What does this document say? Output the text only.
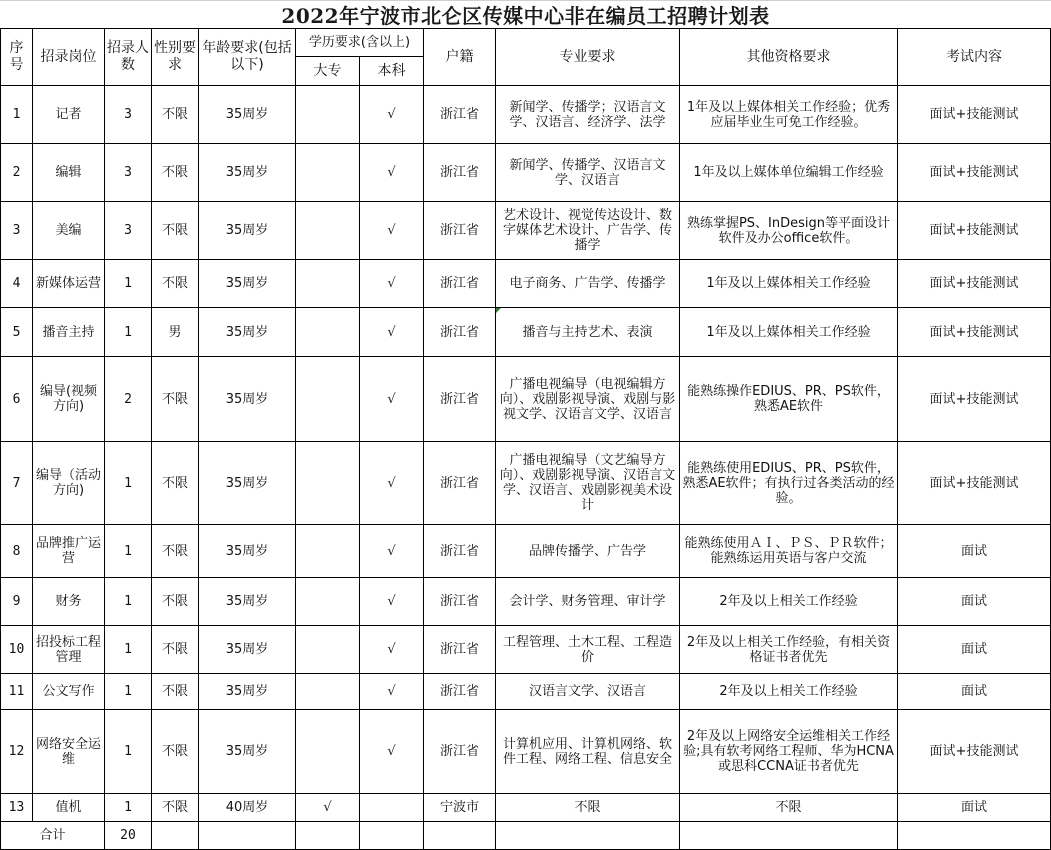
2022年宁波市北仑区传媒中心非在编员工招聘计划表
序号	招录岗位	招录人数	性别要求	年龄要求(包括以下)	学历要求(含以上)		户籍	专业要求	其他资格要求	考试内容
					大专	本科				
1	记者	3	不限	35周岁		√	浙江省	新闻学、传播学；汉语言文学、汉语言、经济学、法学	1年及以上媒体相关工作经验；优秀应届毕业生可免工作经验。	面试+技能测试
2	编辑	3	不限	35周岁		√	浙江省	新闻学、传播学、汉语言文学、汉语言	1年及以上媒体单位编辑工作经验	面试+技能测试
3	美编	3	不限	35周岁		√	浙江省	艺术设计、视觉传达设计、数字媒体艺术设计、广告学、传播学	熟练掌握PS、InDesign等平面设计软件及办公office软件。	面试+技能测试
4	新媒体运营	1	不限	35周岁		√	浙江省	电子商务、广告学、传播学	1年及以上媒体相关工作经验	面试+技能测试
5	播音主持	1	男	35周岁		√	浙江省	播音与主持艺术、表演	1年及以上媒体相关工作经验	面试+技能测试
6	编导(视频方向)	2	不限	35周岁		√	浙江省	广播电视编导（电视编辑方向）、戏剧影视导演、戏剧与影视文学、汉语言文学、汉语言	能熟练操作EDIUS、PR、PS软件，熟悉AE软件	面试+技能测试
7	编导（活动方向)	1	不限	35周岁		√	浙江省	广播电视编导（文艺编导方向）、戏剧影视导演、汉语言文学、汉语言、戏剧影视美术设计	能熟练使用EDIUS、PR、PS软件，熟悉AE软件；有执行过各类活动的经验。	面试+技能测试
8	品牌推广运营	1	不限	35周岁		√	浙江省	品牌传播学、广告学	能熟练使用ＡＩ、ＰＳ、ＰＲ软件；能熟练运用英语与客户交流	面试
9	财务	1	不限	35周岁		√	浙江省	会计学、财务管理、审计学	2年及以上相关工作经验	面试
10	招投标工程管理	1	不限	35周岁		√	浙江省	工程管理、土木工程、工程造价	2年及以上相关工作经验，有相关资格证书者优先	面试
11	公文写作	1	不限	35周岁		√	浙江省	汉语言文学、汉语言	2年及以上相关工作经验	面试
12	网络安全运维	1	不限	35周岁		√	浙江省	计算机应用、计算机网络、软件工程、网络工程、信息安全	2年及以上网络安全运维相关工作经验;具有软考网络工程师、华为HCNA或思科CCNA证书者优先	面试+技能测试
13	值机	1	不限	40周岁	√		宁波市	不限	不限	面试
合计		20								
